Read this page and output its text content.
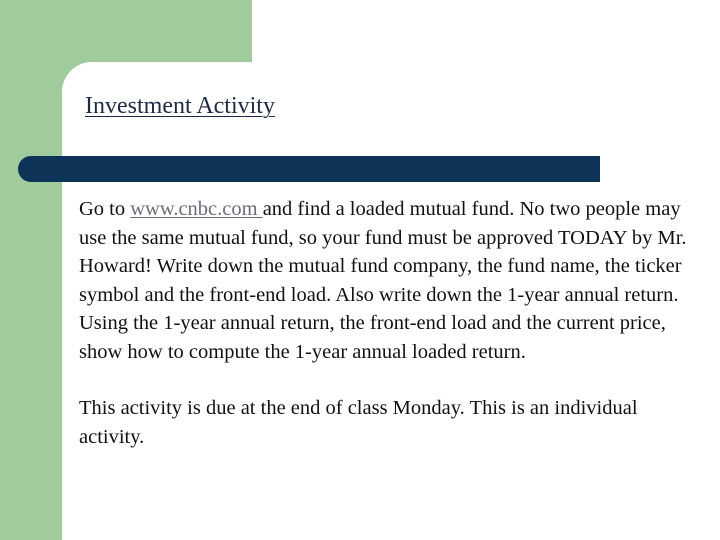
Investment Activity

Go to www.cnbc.com and find a loaded mutual fund. No two people may use the same mutual fund, so your fund must be approved TODAY by Mr. Howard! Write down the mutual fund company, the fund name, the ticker symbol and the front-end load. Also write down the 1-year annual return. Using the 1-year annual return, the front-end load and the current price, show how to compute the 1-year annual loaded return.

This activity is due at the end of class Monday. This is an individual activity.
